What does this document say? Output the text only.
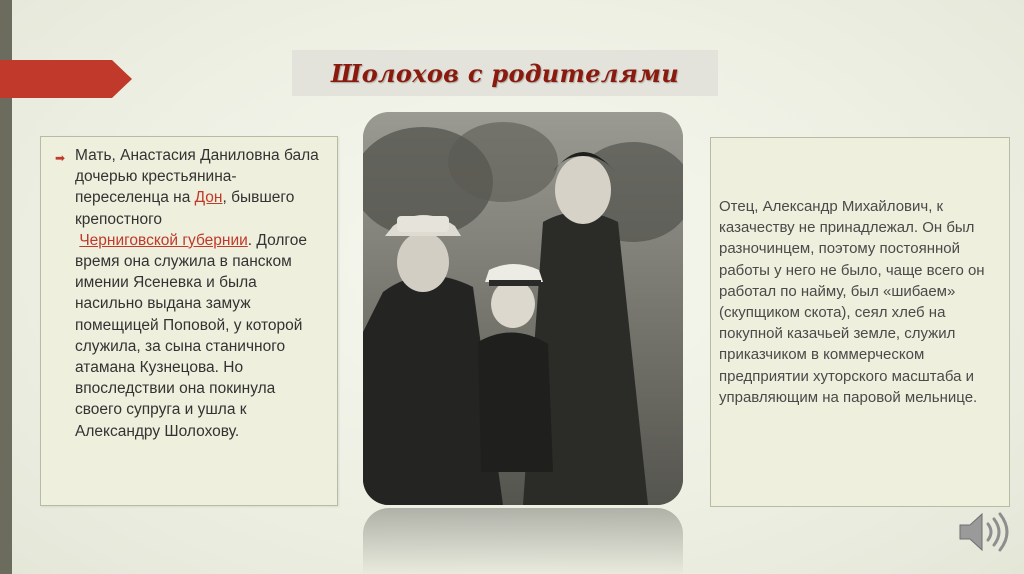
Шолохов с родителями
➡ Мать, Анастасия Даниловна бала дочерью крестьянина-переселенца на Дон, бывшего
крепостного
Черниговской губернии. Долгое время она служила в панском имении Ясеневка и была насильно выдана замуж помещицей Поповой, у которой служила, за сына станичного атамана Кузнецова. Но впоследствии она покинула своего супруга и ушла к Александру Шолохову.
Отец, Александр Михайлович, к казачеству не принадлежал. Он был разночинцем, поэтому постоянной работы у него не было, чаще всего он работал по найму, был «шибаем» (скупщиком скота), сеял хлеб на покупной казачьей земле, служил приказчиком в коммерческом предприятии хуторского масштаба и управляющим на паровой мельнице.
